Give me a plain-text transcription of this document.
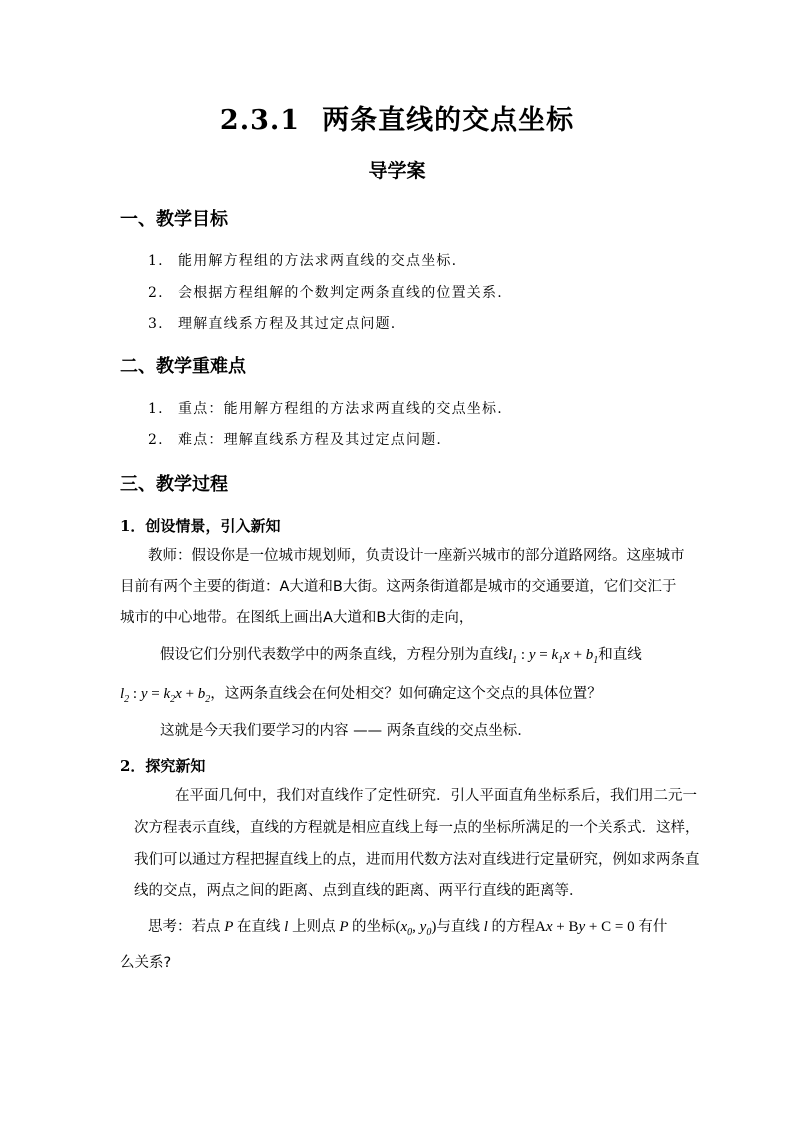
2.3.1 两条直线的交点坐标
导学案
一、教学目标
1. 能用解方程组的方法求两直线的交点坐标.
2. 会根据方程组解的个数判定两条直线的位置关系.
3. 理解直线系方程及其过定点问题.
二、教学重难点
1. 重点：能用解方程组的方法求两直线的交点坐标.
2. 难点：理解直线系方程及其过定点问题.
三、教学过程
1．创设情景，引入新知
教师：假设你是一位城市规划师，负责设计一座新兴城市的部分道路网络。这座城市
目前有两个主要的街道：A大道和B大街。这两条街道都是城市的交通要道，它们交汇于
城市的中心地带。在图纸上画出A大道和B大街的走向，
假设它们分别代表数学中的两条直线，方程分别为直线$l_1$ : $y = k_1x + b_1$和直线
$l_2$ : $y = k_2x + b_2$，这两条直线会在何处相交？如何确定这个交点的具体位置？
这就是今天我们要学习的内容 —— 两条直线的交点坐标.
2．探究新知
在平面几何中，我们对直线作了定性研究．引人平面直角坐标系后，我们用二元一
次方程表示直线，直线的方程就是相应直线上每一点的坐标所满足的一个关系式．这样，
我们可以通过方程把握直线上的点，进而用代数方法对直线进行定量研究，例如求两条直
线的交点，两点之间的距离、点到直线的距离、两平行直线的距离等．
思考：若点 P 在直线 l 上则点 P 的坐标($x_0$, $y_0$)与直线 l 的方程Ax + By + C = 0 有什
么关系?
